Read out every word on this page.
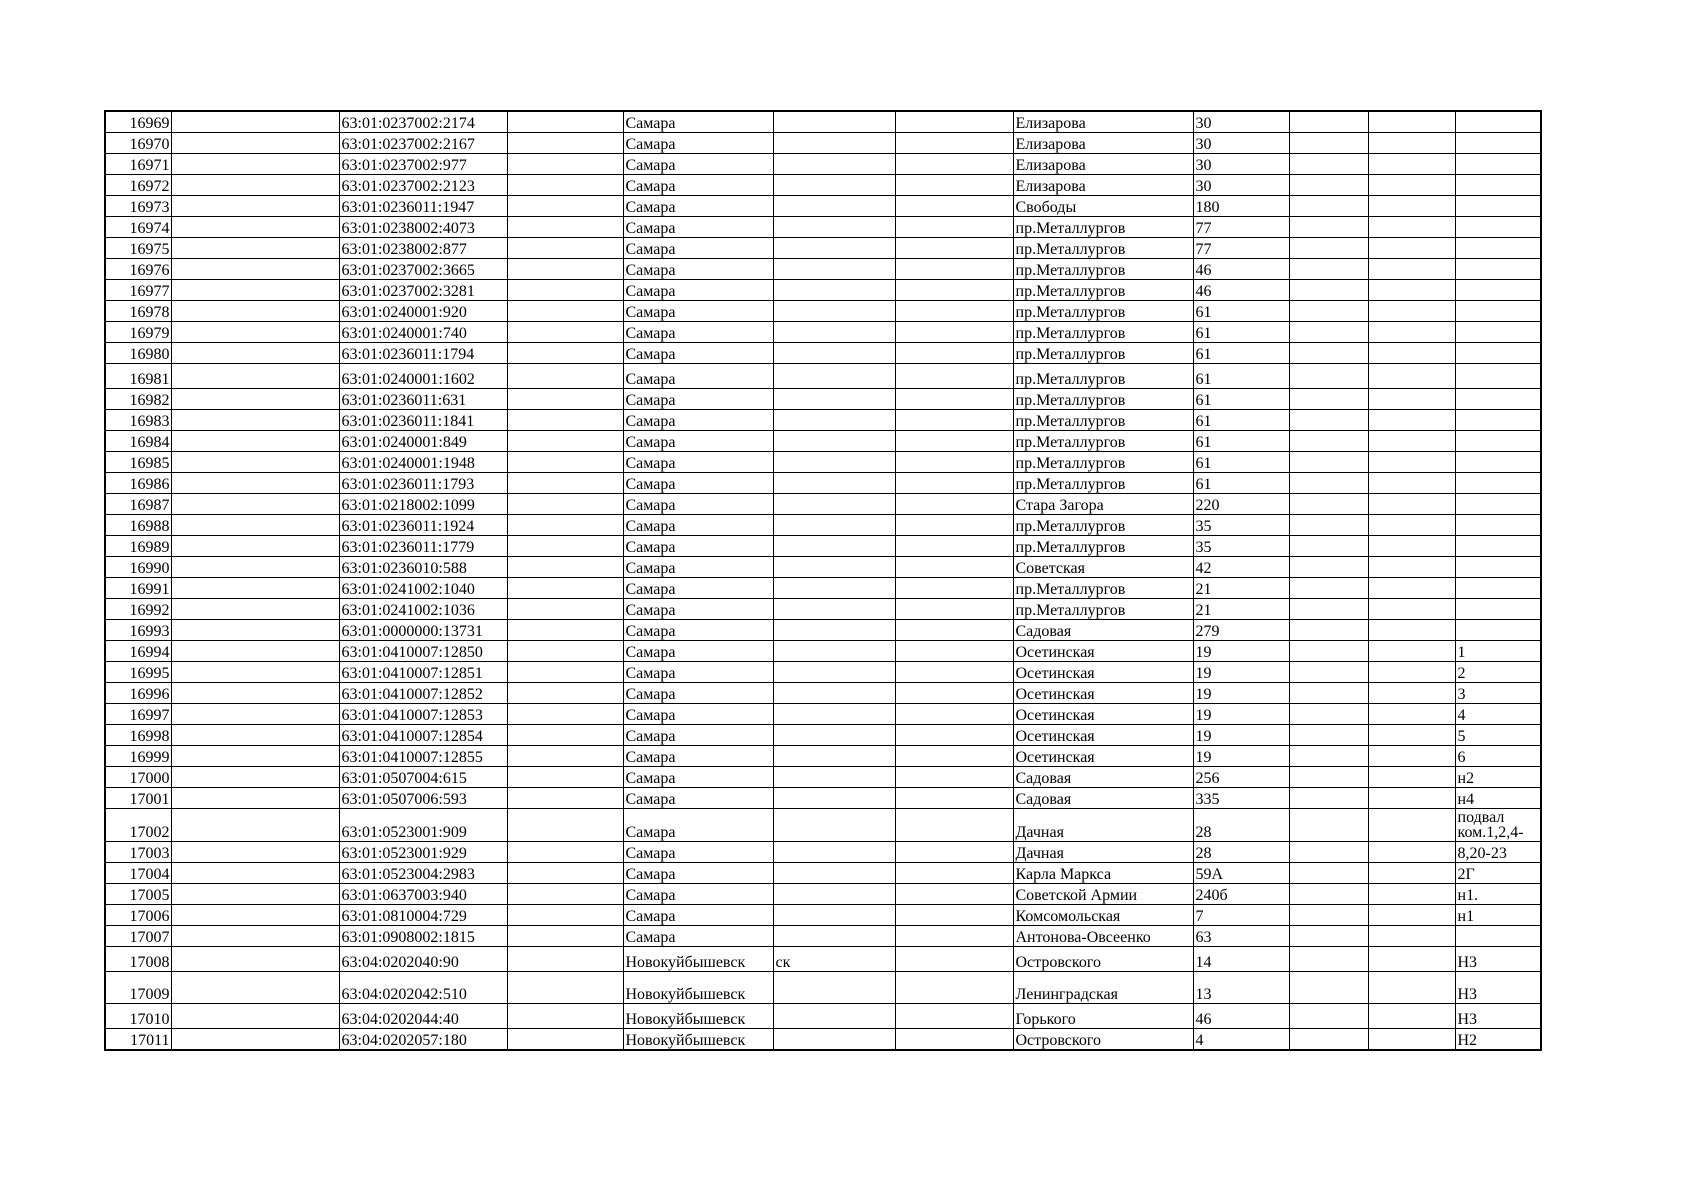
16969		63:01:0237002:2174		Самара			Елизарова	30			
16970		63:01:0237002:2167		Самара			Елизарова	30			
16971		63:01:0237002:977		Самара			Елизарова	30			
16972		63:01:0237002:2123		Самара			Елизарова	30			
16973		63:01:0236011:1947		Самара			Свободы	180			
16974		63:01:0238002:4073		Самара			пр.Металлургов	77			
16975		63:01:0238002:877		Самара			пр.Металлургов	77			
16976		63:01:0237002:3665		Самара			пр.Металлургов	46			
16977		63:01:0237002:3281		Самара			пр.Металлургов	46			
16978		63:01:0240001:920		Самара			пр.Металлургов	61			
16979		63:01:0240001:740		Самара			пр.Металлургов	61			
16980		63:01:0236011:1794		Самара			пр.Металлургов	61			
16981		63:01:0240001:1602		Самара			пр.Металлургов	61			
16982		63:01:0236011:631		Самара			пр.Металлургов	61			
16983		63:01:0236011:1841		Самара			пр.Металлургов	61			
16984		63:01:0240001:849		Самара			пр.Металлургов	61			
16985		63:01:0240001:1948		Самара			пр.Металлургов	61			
16986		63:01:0236011:1793		Самара			пр.Металлургов	61			
16987		63:01:0218002:1099		Самара			Стара Загора	220			
16988		63:01:0236011:1924		Самара			пр.Металлургов	35			
16989		63:01:0236011:1779		Самара			пр.Металлургов	35			
16990		63:01:0236010:588		Самара			Советская	42			
16991		63:01:0241002:1040		Самара			пр.Металлургов	21			
16992		63:01:0241002:1036		Самара			пр.Металлургов	21			
16993		63:01:0000000:13731		Самара			Садовая	279			
16994		63:01:0410007:12850		Самара			Осетинская	19			1
16995		63:01:0410007:12851		Самара			Осетинская	19			2
16996		63:01:0410007:12852		Самара			Осетинская	19			3
16997		63:01:0410007:12853		Самара			Осетинская	19			4
16998		63:01:0410007:12854		Самара			Осетинская	19			5
16999		63:01:0410007:12855		Самара			Осетинская	19			6
17000		63:01:0507004:615		Самара			Садовая	256			н2
17001		63:01:0507006:593		Самара			Садовая	335			н4
17002		63:01:0523001:909		Самара			Дачная	28			подвал ком.1,2,4-
17003		63:01:0523001:929		Самара			Дачная	28			8,20-23
17004		63:01:0523004:2983		Самара			Карла Маркса	59А			2Г
17005		63:01:0637003:940		Самара			Советской Армии	240б			н1.
17006		63:01:0810004:729		Самара			Комсомольская	7			н1
17007		63:01:0908002:1815		Самара			Антонова-Овсеенко	63			
17008		63:04:0202040:90		Новокуйбышевск	ск		Островского	14			Н3
17009		63:04:0202042:510		Новокуйбышевск			Ленинградская	13			Н3
17010		63:04:0202044:40		Новокуйбышевск			Горького	46			Н3
17011		63:04:0202057:180		Новокуйбышевск			Островского	4			Н2
